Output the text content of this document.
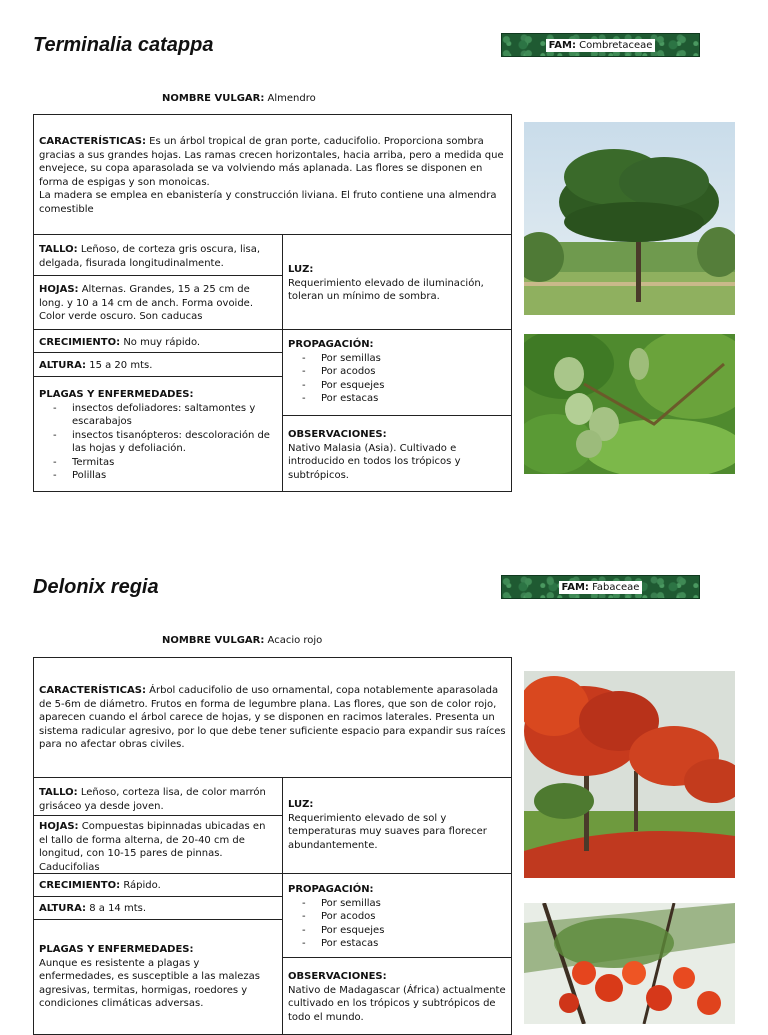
Terminalia catappa	FAM: Combretaceae
NOMBRE VULGAR: Almendro
CARACTERÍSTICAS: Es un árbol tropical de gran porte, caducifolio. Proporciona sombra gracias a sus grandes hojas. Las ramas crecen horizontales, hacia arriba, pero a medida que envejece, su copa aparasolada se va volviendo más aplanada. Las flores se disponen en forma de espigas y son monoicas.
La madera se emplea en ebanistería y construcción liviana. El fruto contiene una almendra comestible
TALLO: Leñoso, de corteza gris oscura, lisa, delgada, fisurada longitudinalmente.
HOJAS: Alternas. Grandes, 15 a 25 cm de long. y 10 a 14 cm de anch. Forma ovoide. Color verde oscuro. Son caducas
LUZ:
Requerimiento elevado de iluminación, toleran un mínimo de sombra.
CRECIMIENTO: No muy rápido.
ALTURA: 15 a 20 mts.
PLAGAS Y ENFERMEDADES:
- insectos defoliadores: saltamontes y escarabajos
- insectos tisanópteros: descoloración de las hojas y defoliación.
- Termitas
- Polillas
PROPAGACIÓN:
- Por semillas
- Por acodos
- Por esquejes
- Por estacas
OBSERVACIONES:
Nativo Malasia (Asia). Cultivado e introducido en todos los trópicos y subtrópicos.
Delonix regia	FAM: Fabaceae
NOMBRE VULGAR: Acacio rojo
CARACTERÍSTICAS: Árbol caducifolio de uso ornamental, copa notablemente aparasolada de 5-6m de diámetro. Frutos en forma de legumbre plana. Las flores, que son de color rojo, aparecen cuando el árbol carece de hojas, y se disponen en racimos laterales. Presenta un sistema radicular agresivo, por lo que debe tener suficiente espacio para expandir sus raíces para no afectar obras civiles.
TALLO: Leñoso, corteza lisa, de color marrón grisáceo ya desde joven.
HOJAS: Compuestas bipinnadas ubicadas en el tallo de forma alterna, de 20-40 cm de longitud, con 10-15 pares de pinnas. Caducifolias
LUZ:
Requerimiento elevado de sol y temperaturas muy suaves para florecer abundantemente.
CRECIMIENTO: Rápido.
ALTURA: 8 a 14 mts.
PLAGAS Y ENFERMEDADES:
Aunque es resistente a plagas y enfermedades, es susceptible a las malezas agresivas, termitas, hormigas, roedores y condiciones climáticas adversas.
PROPAGACIÓN:
- Por semillas
- Por acodos
- Por esquejes
- Por estacas
OBSERVACIONES:
Nativo de Madagascar (África) actualmente cultivado en los trópicos y subtrópicos de todo el mundo.
